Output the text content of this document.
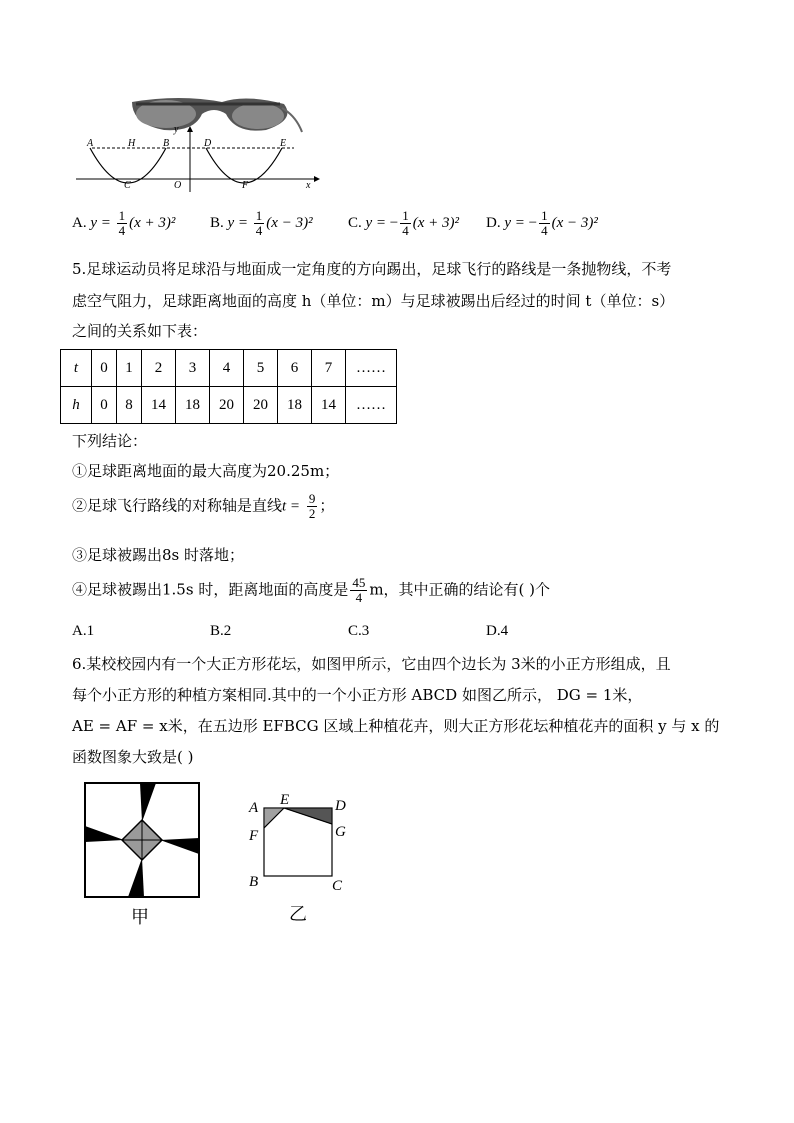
A	H	B
y
D	E
C	O	F	x
A. $y = \frac{1}{4} (x + 3)^2$ B. $y = \frac{1}{4} (x - 3)^2$ C. y = − $\frac{1}{4} (x + 3)^2$ D. y = − $\frac{1}{4} (x - 3)^2$
5.足球运动员将足球沿与地面成一定角度的方向踢出，足球飞行的路线是一条抛物线，不考
虑空气阻力，足球距离地面的高度 h（单位：m）与足球被踢出后经过的时间 t（单位：s）
之间的关系如下表：
t	0	1	2	3	4	5	6	7	……
h	0	8	14	18	20	20	18	14	……
下列结论：
①足球距离地面的最大高度为20.25m；
②足球飞行路线的对称轴是直线$t = \frac{9}{2}$ ；
③足球被踢出8s 时落地；
④足球被踢出1.5s 时，距离地面的高度是 $\frac{45}{4}$ m，其中正确的结论有( )个
A.1	B.2	C.3	D.4
6.某校校园内有一个大正方形花坛，如图甲所示，它由四个边长为 3米的小正方形组成，且
每个小正方形的种植方案相同.其中的一个小正方形 ABCD 如图乙所示， DG = 1米，
AE = AF = x米，在五边形 EFBCG 区域上种植花卉，则大正方形花坛种植花卉的面积 y 与 x 的
函数图象大致是( )
甲
A E	D
F	G
B	C
乙
